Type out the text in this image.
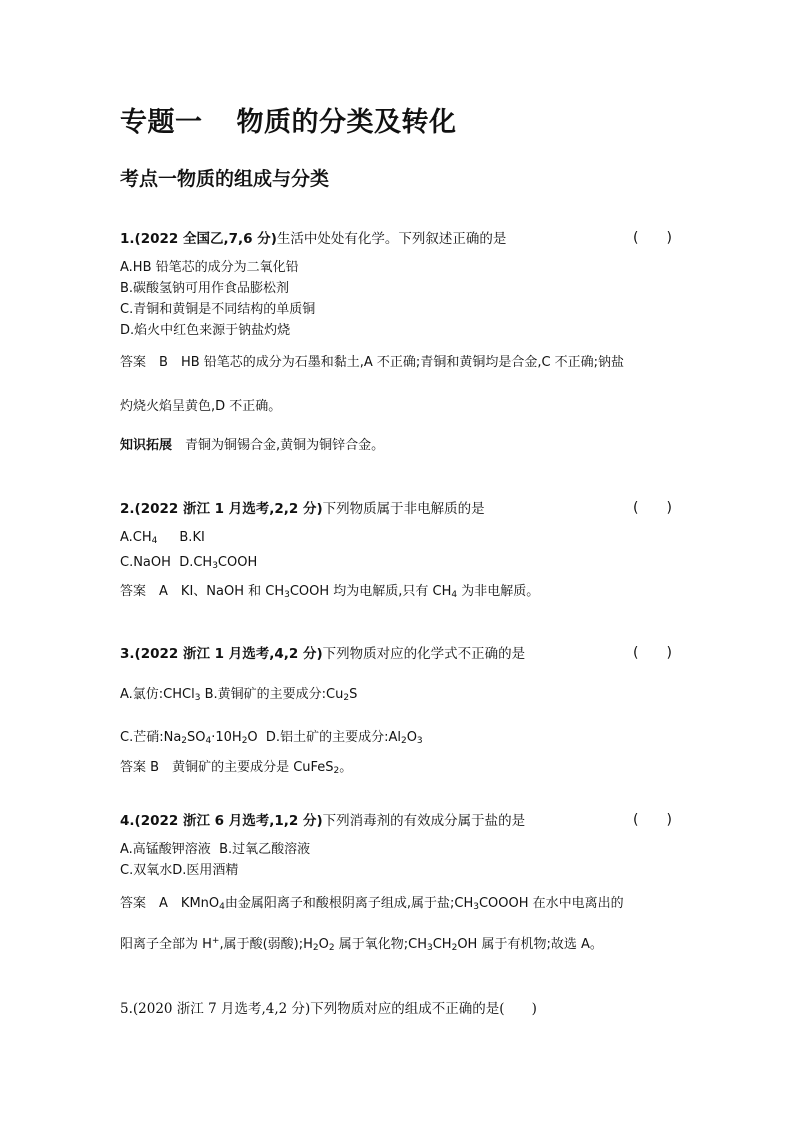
专题一 物质的分类及转化
考点一物质的组成与分类
1.(2022 全国乙,7,6 分)生活中处处有化学。下列叙述正确的是	(　　)
A.HB 铅笔芯的成分为二氧化铅
B.碳酸氢钠可用作食品膨松剂
C.青铜和黄铜是不同结构的单质铜
D.焰火中红色来源于钠盐灼烧
答案　 B　HB 铅笔芯的成分为石墨和黏土,A 不正确;青铜和黄铜均是合金,C 不正确;钠盐
灼烧火焰呈黄色,D 不正确。
知识拓展　 青铜为铜锡合金,黄铜为铜锌合金。
2.(2022 浙江 1 月选考,2,2 分)下列物质属于非电解质的是	(　　)
$A.CH_4$ B.KI
C.NaOH $D.CH_3COOH$
答案　 A　KI、NaOH 和 $CH_3COOH$ 均为电解质,只有 $CH_4$ 为非电解质。
3.(2022 浙江 1 月选考,4,2 分)下列物质对应的化学式不正确的是	(　　)
A.氯仿:CHCl$_3$ B.黄铜矿的主要成分$:Cu_2S$
C.芒硝$:Na_2SO_4\cdot 10H_2O$ D.铝土矿的主要成分$:Al_2O_3$
答案 B　黄铜矿的主要成分是 CuFeS$_2$。
4.(2022 浙江 6 月选考,1,2 分)下列消毒剂的有效成分属于盐的是	(　　)
A.高锰酸钾溶液 B.过氧乙酸溶液
C.双氧水D.医用酒精
答案　 A　KMnO$_4$由金属阳离子和酸根阴离子组成,属于盐$;CH_3COOOH$ 在水中电离出的
阳离子全部为 H+,属于酸(弱酸)$;H_2O_2$ 属于氧化物$;CH_3CH_2OH$ 属于有机物;故选 A。
5.(2020 浙江 7 月选考,4,2 分)下列物质对应的组成不正确的是(　　)
